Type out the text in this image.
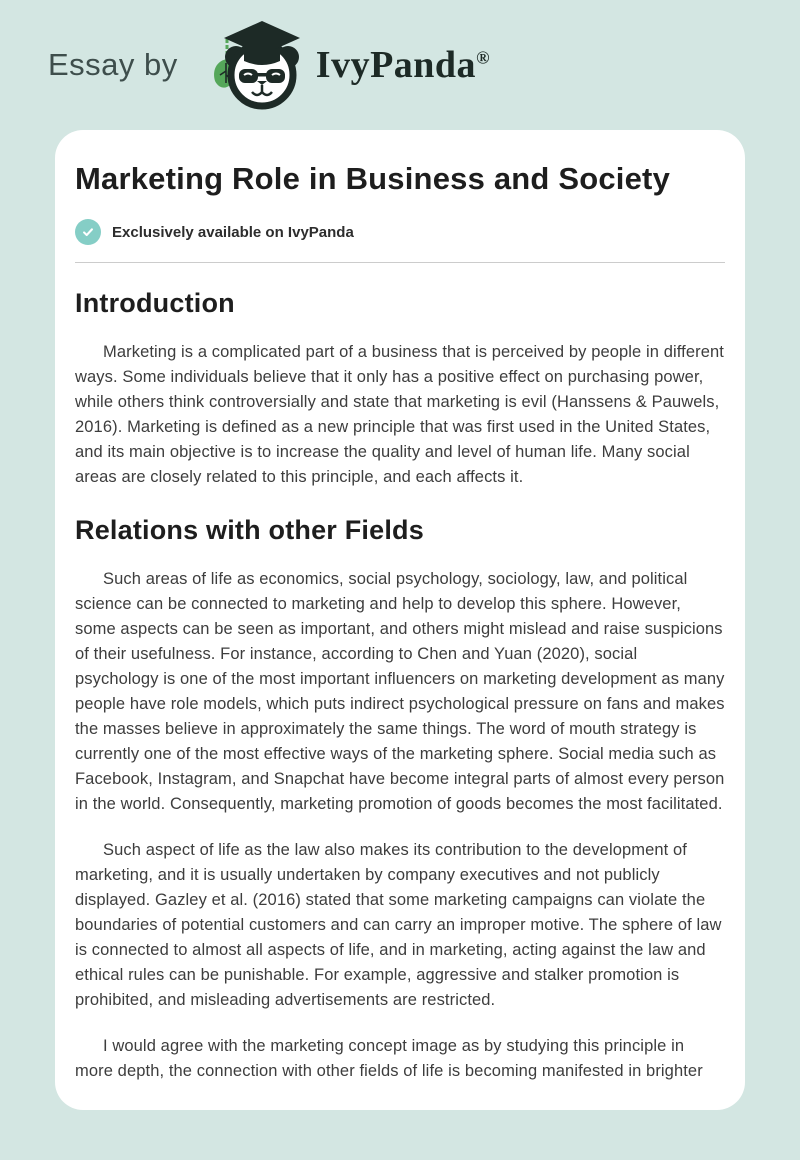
Essay by	IvyPanda®
Marketing Role in Business and Society
Exclusively available on IvyPanda
Introduction

Marketing is a complicated part of a business that is perceived by people in different ways. Some individuals believe that it only has a positive effect on purchasing power, while others think controversially and state that marketing is evil (Hanssens & Pauwels, 2016). Marketing is defined as a new principle that was first used in the United States, and its main objective is to increase the quality and level of human life. Many social areas are closely related to this principle, and each affects it.

Relations with other Fields

Such areas of life as economics, social psychology, sociology, law, and political science can be connected to marketing and help to develop this sphere. However, some aspects can be seen as important, and others might mislead and raise suspicions of their usefulness. For instance, according to Chen and Yuan (2020), social psychology is one of the most important influencers on marketing development as many people have role models, which puts indirect psychological pressure on fans and makes the masses believe in approximately the same things. The word of mouth strategy is currently one of the most effective ways of the marketing sphere. Social media such as Facebook, Instagram, and Snapchat have become integral parts of almost every person in the world. Consequently, marketing promotion of goods becomes the most facilitated.

Such aspect of life as the law also makes its contribution to the development of marketing, and it is usually undertaken by company executives and not publicly displayed. Gazley et al. (2016) stated that some marketing campaigns can violate the boundaries of potential customers and can carry an improper motive. The sphere of law is connected to almost all aspects of life, and in marketing, acting against the law and ethical rules can be punishable. For example, aggressive and stalker promotion is prohibited, and misleading advertisements are restricted.

I would agree with the marketing concept image as by studying this principle in more depth, the connection with other fields of life is becoming manifested in brighter
